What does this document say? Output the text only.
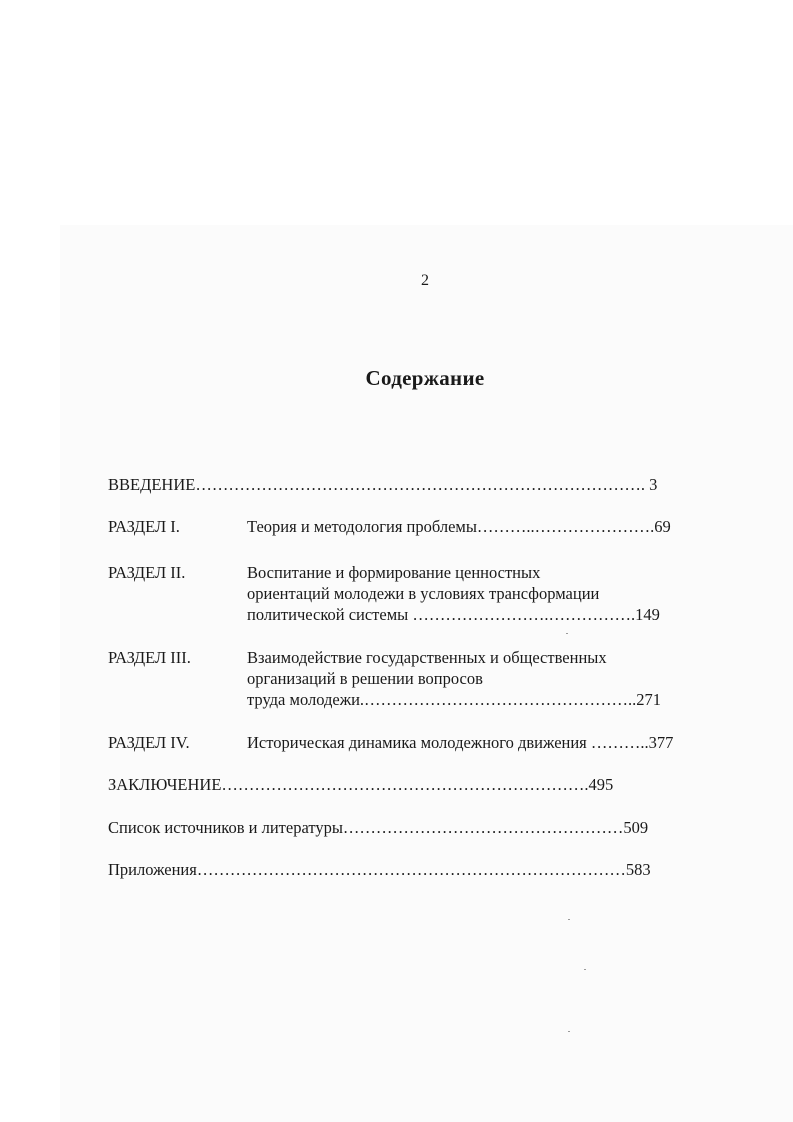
2
Содержание
ВВЕДЕНИЕ………………………………………………………………………. 3
РАЗДЕЛ I.	Теория и методология проблемы………..………………….69
РАЗДЕЛ II.	Воспитание и формирование ценностных
ориентаций молодежи в условиях трансформации
политической системы …………………….…………….149
РАЗДЕЛ III.	Взаимодействие государственных и общественных
организаций в решении вопросов
труда молодежи.…………………………………………..271
РАЗДЕЛ IV.	Историческая динамика молодежного движения ………..377
ЗАКЛЮЧЕНИЕ………………………………………………………….495
Список источников и литературы……………………………………………509
Приложения……………………………………………………………………583
